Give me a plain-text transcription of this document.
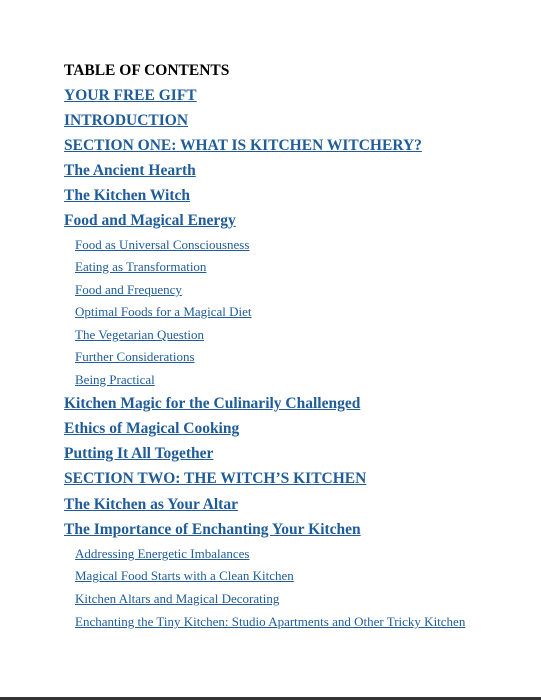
TABLE OF CONTENTS
YOUR FREE GIFT
INTRODUCTION
SECTION ONE: WHAT IS KITCHEN WITCHERY?
The Ancient Hearth
The Kitchen Witch
Food and Magical Energy
Food as Universal Consciousness
Eating as Transformation
Food and Frequency
Optimal Foods for a Magical Diet
The Vegetarian Question
Further Considerations
Being Practical
Kitchen Magic for the Culinarily Challenged
Ethics of Magical Cooking
Putting It All Together
SECTION TWO: THE WITCH’S KITCHEN
The Kitchen as Your Altar
The Importance of Enchanting Your Kitchen
Addressing Energetic Imbalances
Magical Food Starts with a Clean Kitchen
Kitchen Altars and Magical Decorating
Enchanting the Tiny Kitchen: Studio Apartments and Other Tricky Kitchen
